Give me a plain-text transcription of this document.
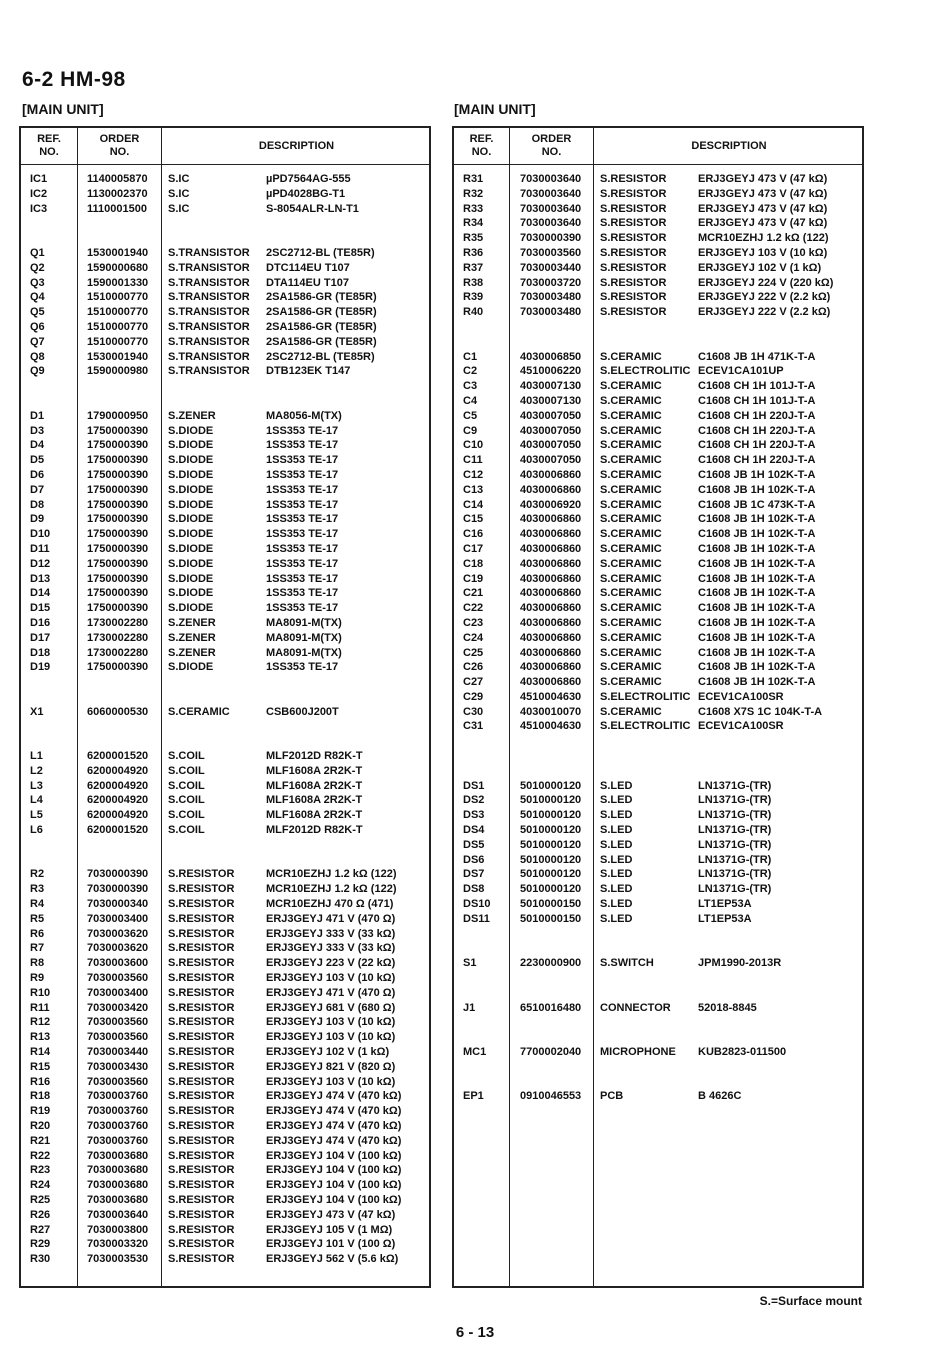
6-2 HM-98
[MAIN UNIT]	[MAIN UNIT]
REF.
NO.
ORDER
NO.
DESCRIPTION
IC1	1140005870 S.IC	µPD7564AG-555
IC2	1130002370 S.IC	µPD4028BG-T1
IC3	1110001500 S.IC	S-8054ALR-LN-T1
Q1	1530001940 S.TRANSISTOR 2SC2712-BL (TE85R)
Q2	1590000680 S.TRANSISTOR DTC114EU T107
Q3	1590001330 S.TRANSISTOR DTA114EU T107
Q4	1510000770 S.TRANSISTOR 2SA1586-GR (TE85R)
Q5	1510000770 S.TRANSISTOR 2SA1586-GR (TE85R)
Q6	1510000770 S.TRANSISTOR 2SA1586-GR (TE85R)
Q7	1510000770 S.TRANSISTOR 2SA1586-GR (TE85R)
Q8	1530001940 S.TRANSISTOR 2SC2712-BL (TE85R)
Q9	1590000980 S.TRANSISTOR DTB123EK T147
D1	1790000950 S.ZENER	MA8056-M(TX)
D3	1750000390 S.DIODE	1SS353 TE-17
D4	1750000390 S.DIODE	1SS353 TE-17
D5	1750000390 S.DIODE	1SS353 TE-17
D6	1750000390 S.DIODE	1SS353 TE-17
D7	1750000390 S.DIODE	1SS353 TE-17
D8	1750000390 S.DIODE	1SS353 TE-17
D9	1750000390 S.DIODE	1SS353 TE-17
D10	1750000390 S.DIODE	1SS353 TE-17
D11	1750000390 S.DIODE	1SS353 TE-17
D12	1750000390 S.DIODE	1SS353 TE-17
D13	1750000390 S.DIODE	1SS353 TE-17
D14	1750000390 S.DIODE	1SS353 TE-17
D15	1750000390 S.DIODE	1SS353 TE-17
D16	1730002280 S.ZENER	MA8091-M(TX)
D17	1730002280 S.ZENER	MA8091-M(TX)
D18	1730002280 S.ZENER	MA8091-M(TX)
D19	1750000390 S.DIODE	1SS353 TE-17
X1	6060000530 S.CERAMIC	CSB600J200T
L1	6200001520 S.COIL	MLF2012D R82K-T
L2	6200004920 S.COIL	MLF1608A 2R2K-T
L3	6200004920 S.COIL	MLF1608A 2R2K-T
L4	6200004920 S.COIL	MLF1608A 2R2K-T
L5	6200004920 S.COIL	MLF1608A 2R2K-T
L6	6200001520 S.COIL	MLF2012D R82K-T
R2	7030000390 S.RESISTOR	MCR10EZHJ 1.2 kΩ (122)
R3	7030000390 S.RESISTOR	MCR10EZHJ 1.2 kΩ (122)
R4	7030000340 S.RESISTOR	MCR10EZHJ 470 Ω (471)
R5	7030003400 S.RESISTOR	ERJ3GEYJ 471 V (470 Ω)
R6	7030003620 S.RESISTOR	ERJ3GEYJ 333 V (33 kΩ)
R7	7030003620 S.RESISTOR	ERJ3GEYJ 333 V (33 kΩ)
R8	7030003600 S.RESISTOR	ERJ3GEYJ 223 V (22 kΩ)
R9	7030003560 S.RESISTOR	ERJ3GEYJ 103 V (10 kΩ)
R10	7030003400 S.RESISTOR	ERJ3GEYJ 471 V (470 Ω)
R11	7030003420 S.RESISTOR	ERJ3GEYJ 681 V (680 Ω)
R12	7030003560 S.RESISTOR	ERJ3GEYJ 103 V (10 kΩ)
R13	7030003560 S.RESISTOR	ERJ3GEYJ 103 V (10 kΩ)
R14	7030003440 S.RESISTOR	ERJ3GEYJ 102 V (1 kΩ)
R15	7030003430 S.RESISTOR	ERJ3GEYJ 821 V (820 Ω)
R16	7030003560 S.RESISTOR	ERJ3GEYJ 103 V (10 kΩ)
R18	7030003760 S.RESISTOR	ERJ3GEYJ 474 V (470 kΩ)
R19	7030003760 S.RESISTOR	ERJ3GEYJ 474 V (470 kΩ)
R20	7030003760 S.RESISTOR	ERJ3GEYJ 474 V (470 kΩ)
R21	7030003760 S.RESISTOR	ERJ3GEYJ 474 V (470 kΩ)
R22	7030003680 S.RESISTOR	ERJ3GEYJ 104 V (100 kΩ)
R23	7030003680 S.RESISTOR	ERJ3GEYJ 104 V (100 kΩ)
R24	7030003680 S.RESISTOR	ERJ3GEYJ 104 V (100 kΩ)
R25	7030003680 S.RESISTOR	ERJ3GEYJ 104 V (100 kΩ)
R26	7030003640 S.RESISTOR	ERJ3GEYJ 473 V (47 kΩ)
R27	7030003800 S.RESISTOR	ERJ3GEYJ 105 V (1 MΩ)
R29	7030003320 S.RESISTOR	ERJ3GEYJ 101 V (100 Ω)
R30	7030003530 S.RESISTOR	ERJ3GEYJ 562 V (5.6 kΩ)
REF.
NO.
ORDER
NO.
DESCRIPTION
R31	7030003640 S.RESISTOR	ERJ3GEYJ 473 V (47 kΩ)
R32	7030003640 S.RESISTOR	ERJ3GEYJ 473 V (47 kΩ)
R33	7030003640 S.RESISTOR	ERJ3GEYJ 473 V (47 kΩ)
R34	7030003640 S.RESISTOR	ERJ3GEYJ 473 V (47 kΩ)
R35	7030000390 S.RESISTOR	MCR10EZHJ 1.2 kΩ (122)
R36	7030003560 S.RESISTOR	ERJ3GEYJ 103 V (10 kΩ)
R37	7030003440 S.RESISTOR	ERJ3GEYJ 102 V (1 kΩ)
R38	7030003720 S.RESISTOR	ERJ3GEYJ 224 V (220 kΩ)
R39	7030003480 S.RESISTOR	ERJ3GEYJ 222 V (2.2 kΩ)
R40	7030003480 S.RESISTOR	ERJ3GEYJ 222 V (2.2 kΩ)
C1	4030006850 S.CERAMIC	C1608 JB 1H 471K-T-A
C2	4510006220 S.ELECTROLITIC ECEV1CA101UP
C3	4030007130 S.CERAMIC	C1608 CH 1H 101J-T-A
C4	4030007130 S.CERAMIC	C1608 CH 1H 101J-T-A
C5	4030007050 S.CERAMIC	C1608 CH 1H 220J-T-A
C9	4030007050 S.CERAMIC	C1608 CH 1H 220J-T-A
C10	4030007050 S.CERAMIC	C1608 CH 1H 220J-T-A
C11	4030007050 S.CERAMIC	C1608 CH 1H 220J-T-A
C12	4030006860 S.CERAMIC	C1608 JB 1H 102K-T-A
C13	4030006860 S.CERAMIC	C1608 JB 1H 102K-T-A
C14	4030006920 S.CERAMIC	C1608 JB 1C 473K-T-A
C15	4030006860 S.CERAMIC	C1608 JB 1H 102K-T-A
C16	4030006860 S.CERAMIC	C1608 JB 1H 102K-T-A
C17	4030006860 S.CERAMIC	C1608 JB 1H 102K-T-A
C18	4030006860 S.CERAMIC	C1608 JB 1H 102K-T-A
C19	4030006860 S.CERAMIC	C1608 JB 1H 102K-T-A
C21	4030006860 S.CERAMIC	C1608 JB 1H 102K-T-A
C22	4030006860 S.CERAMIC	C1608 JB 1H 102K-T-A
C23	4030006860 S.CERAMIC	C1608 JB 1H 102K-T-A
C24	4030006860 S.CERAMIC	C1608 JB 1H 102K-T-A
C25	4030006860 S.CERAMIC	C1608 JB 1H 102K-T-A
C26	4030006860 S.CERAMIC	C1608 JB 1H 102K-T-A
C27	4030006860 S.CERAMIC	C1608 JB 1H 102K-T-A
C29	4510004630 S.ELECTROLITIC ECEV1CA100SR
C30	4030010070 S.CERAMIC	C1608 X7S 1C 104K-T-A
C31	4510004630 S.ELECTROLITIC ECEV1CA100SR
DS1	5010000120 S.LED	LN1371G-(TR)
DS2	5010000120 S.LED	LN1371G-(TR)
DS3	5010000120 S.LED	LN1371G-(TR)
DS4	5010000120 S.LED	LN1371G-(TR)
DS5	5010000120 S.LED	LN1371G-(TR)
DS6	5010000120 S.LED	LN1371G-(TR)
DS7	5010000120 S.LED	LN1371G-(TR)
DS8	5010000120 S.LED	LN1371G-(TR)
DS10	5010000150 S.LED	LT1EP53A
DS11	5010000150 S.LED	LT1EP53A
S1	2230000900 S.SWITCH	JPM1990-2013R
J1	6510016480 CONNECTOR 52018-8845
MC1	7700002040 MICROPHONE KUB2823-011500
EP1	0910046553 PCB	B 4626C
S.=Surface mount
6 - 13
